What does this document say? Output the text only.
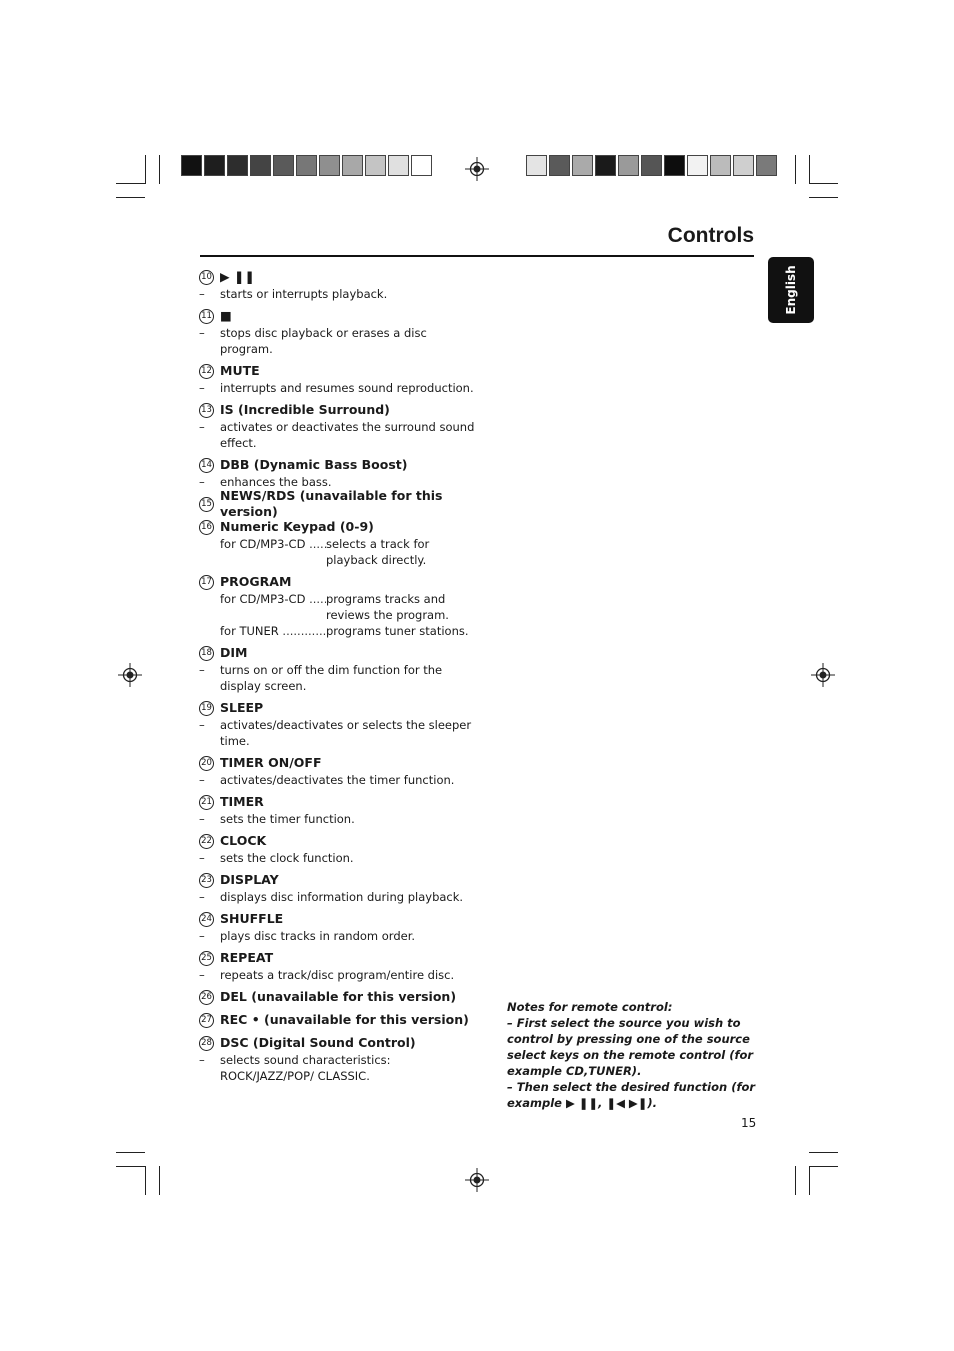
Controls
English
10 ▶ ❚❚
–	starts or interrupts playback.
11 ■
–	stops disc playback or erases a disc program.
12 MUTE
–	interrupts and resumes sound reproduction.
13 IS (Incredible Surround)
–	activates or deactivates the surround sound effect.
14 DBB (Dynamic Bass Boost)
–	enhances the bass.
15
NEWS/RDS (unavailable for this version)
16 Numeric Keypad (0-9)
for CD/MP3-CD .....	selects a track for playback directly.
17 PROGRAM
for CD/MP3-CD .....	programs tracks and reviews the program.
for TUNER .....	programs tuner stations.
18 DIM
–	turns on or off the dim function for the display screen.
19 SLEEP
–	activates/deactivates or selects the sleeper time.
20 TIMER ON/OFF
–	activates/deactivates the timer function.
21 TIMER
–	sets the timer function.
22 CLOCK
–	sets the clock function.
23 DISPLAY
–	displays disc information during playback.
24 SHUFFLE
–	plays disc tracks in random order.
25 REPEAT
–	repeats a track/disc program/entire disc.
26 DEL (unavailable for this version)
27 REC • (unavailable for this version)
28 DSC (Digital Sound Control)
–	selects sound characteristics: ROCK/JAZZ/POP/ CLASSIC.
Notes for remote control:
– First select the source you wish to control by pressing one of the source select keys on the remote control (for example CD,TUNER).
– Then select the desired function (for example ▶ ❚❚, ❚◀ ▶❚).
15
